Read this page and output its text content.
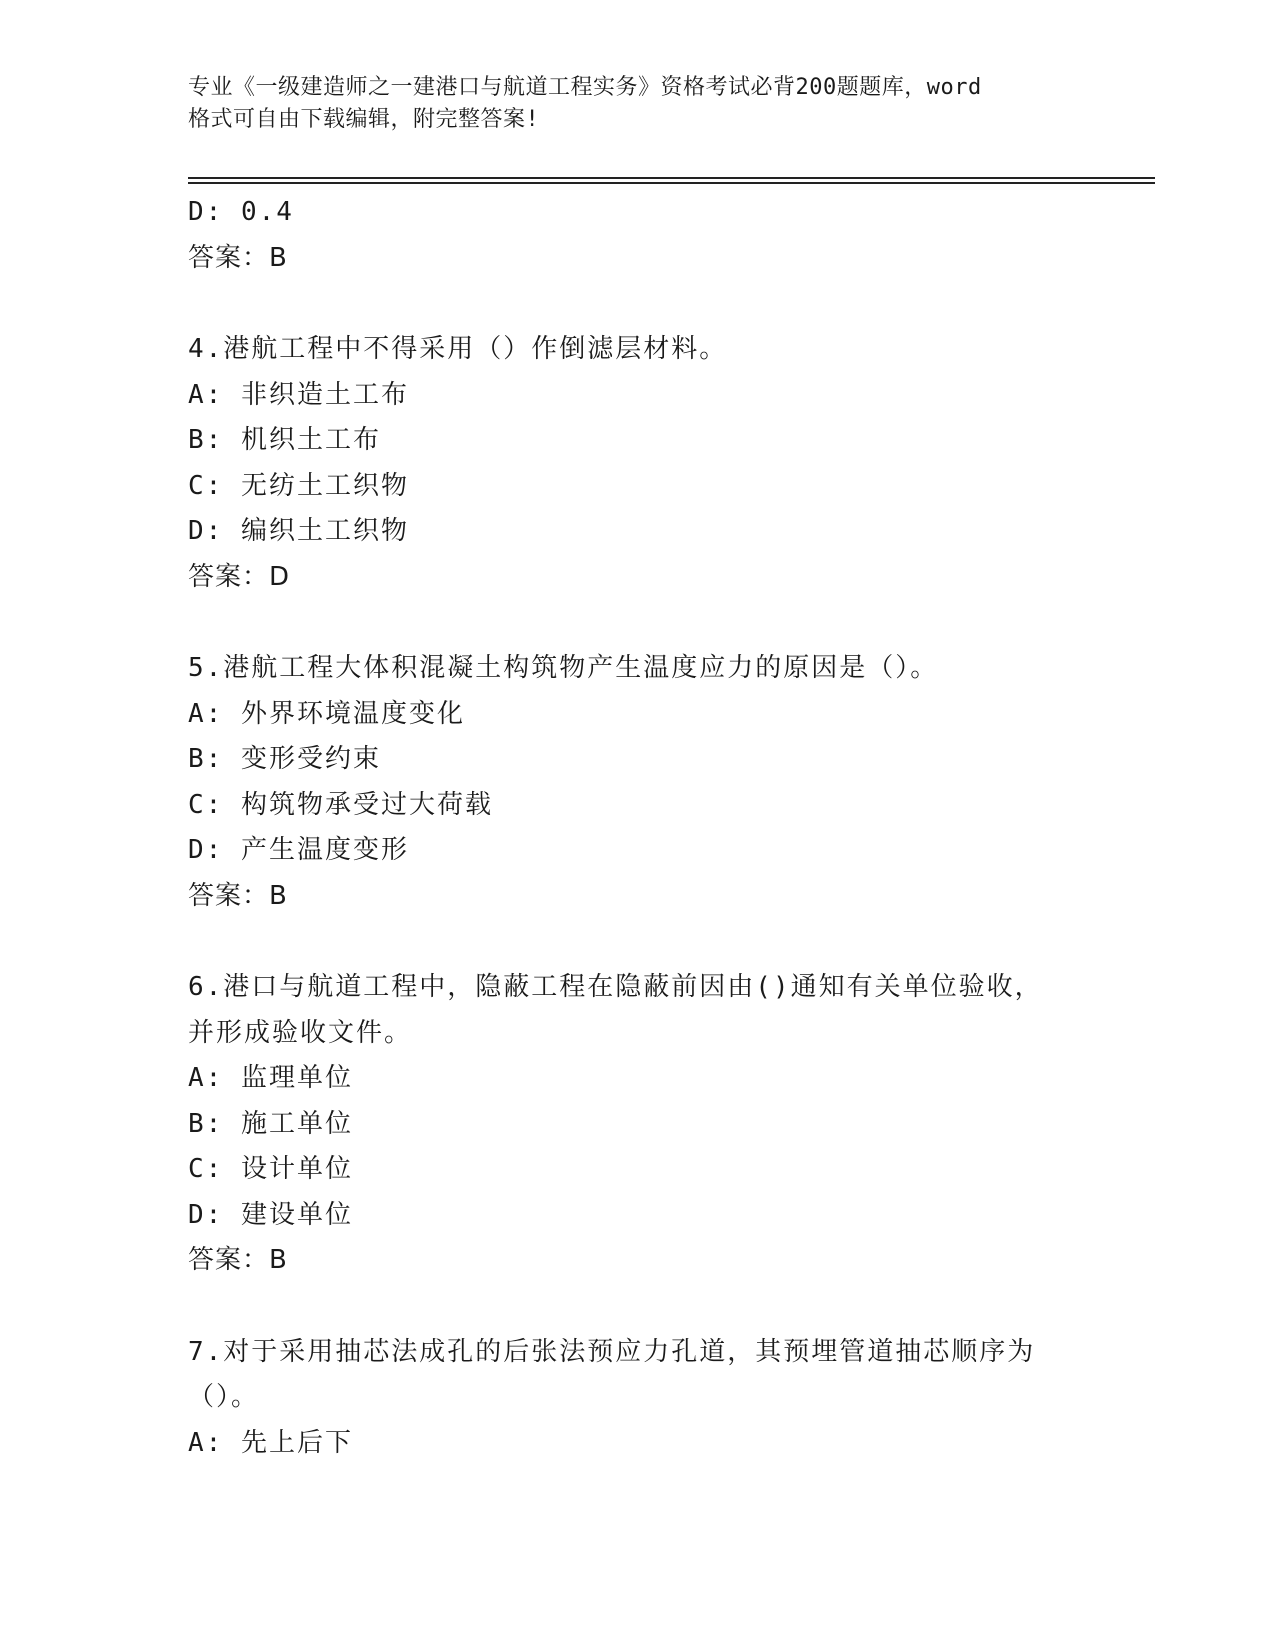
专业《一级建造师之一建港口与航道工程实务》资格考试必背200题题库，word
格式可自由下载编辑，附完整答案!
D: 0.4
答案：B
4.港航工程中不得采用（）作倒滤层材料。
A: 非织造土工布
B: 机织土工布
C: 无纺土工织物
D: 编织土工织物
答案：D
5.港航工程大体积混凝土构筑物产生温度应力的原因是（）。
A: 外界环境温度变化
B: 变形受约束
C: 构筑物承受过大荷载
D: 产生温度变形
答案：B
6.港口与航道工程中，隐蔽工程在隐蔽前因由()通知有关单位验收，
并形成验收文件。
A: 监理单位
B: 施工单位
C: 设计单位
D: 建设单位
答案：B
7.对于采用抽芯法成孔的后张法预应力孔道，其预埋管道抽芯顺序为
（）。
A: 先上后下
